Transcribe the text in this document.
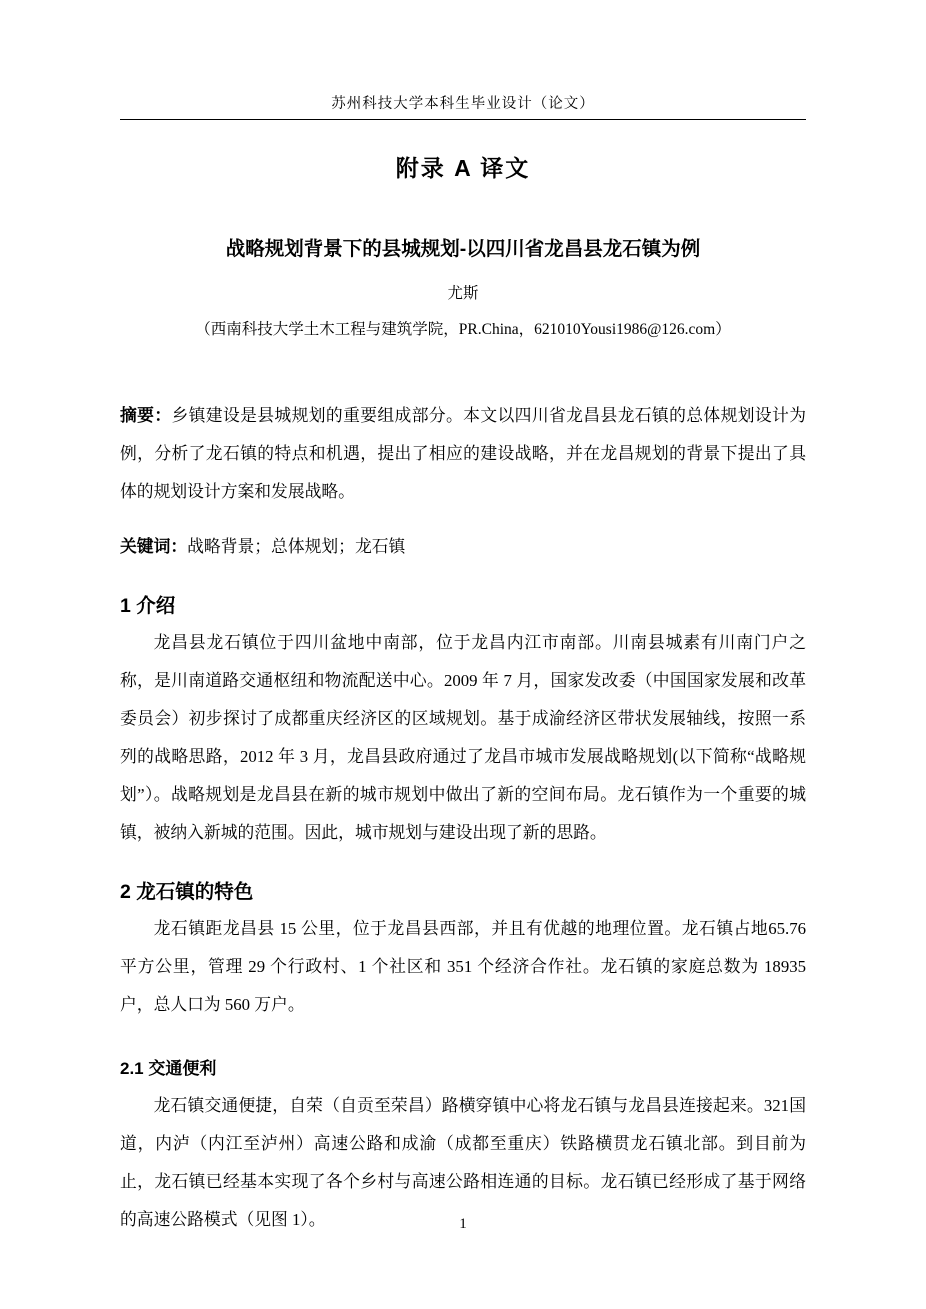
苏州科技大学本科生毕业设计（论文）
附录 A 译文
战略规划背景下的县城规划-以四川省龙昌县龙石镇为例
尤斯
（西南科技大学土木工程与建筑学院，PR.China，621010Yousi1986@126.com）

摘要：乡镇建设是县城规划的重要组成部分。本文以四川省龙昌县龙石镇的总体规划设计为例，分析了龙石镇的特点和机遇，提出了相应的建设战略，并在龙昌规划的背景下提出了具体的规划设计方案和发展战略。

关键词：战略背景；总体规划；龙石镇

1 介绍

龙昌县龙石镇位于四川盆地中南部，位于龙昌内江市南部。川南县城素有川南门户之称，是川南道路交通枢纽和物流配送中心。2009 年 7 月，国家发改委（中国国家发展和改革委员会）初步探讨了成都重庆经济区的区域规划。基于成渝经济区带状发展轴线，按照一系列的战略思路，2012 年 3 月，龙昌县政府通过了龙昌市城市发展战略规划(以下简称“战略规划”）。战略规划是龙昌县在新的城市规划中做出了新的空间布局。龙石镇作为一个重要的城镇，被纳入新城的范围。因此，城市规划与建设出现了新的思路。

2 龙石镇的特色

龙石镇距龙昌县 15 公里，位于龙昌县西部，并且有优越的地理位置。龙石镇占地65.76 平方公里，管理 29 个行政村、1 个社区和 351 个经济合作社。龙石镇的家庭总数为 18935 户，总人口为 560 万户。

2.1 交通便利

龙石镇交通便捷，自荣（自贡至荣昌）路横穿镇中心将龙石镇与龙昌县连接起来。321国道，内泸（内江至泸州）高速公路和成渝（成都至重庆）铁路横贯龙石镇北部。到目前为止，龙石镇已经基本实现了各个乡村与高速公路相连通的目标。龙石镇已经形成了基于网络的高速公路模式（见图 1）。	1
